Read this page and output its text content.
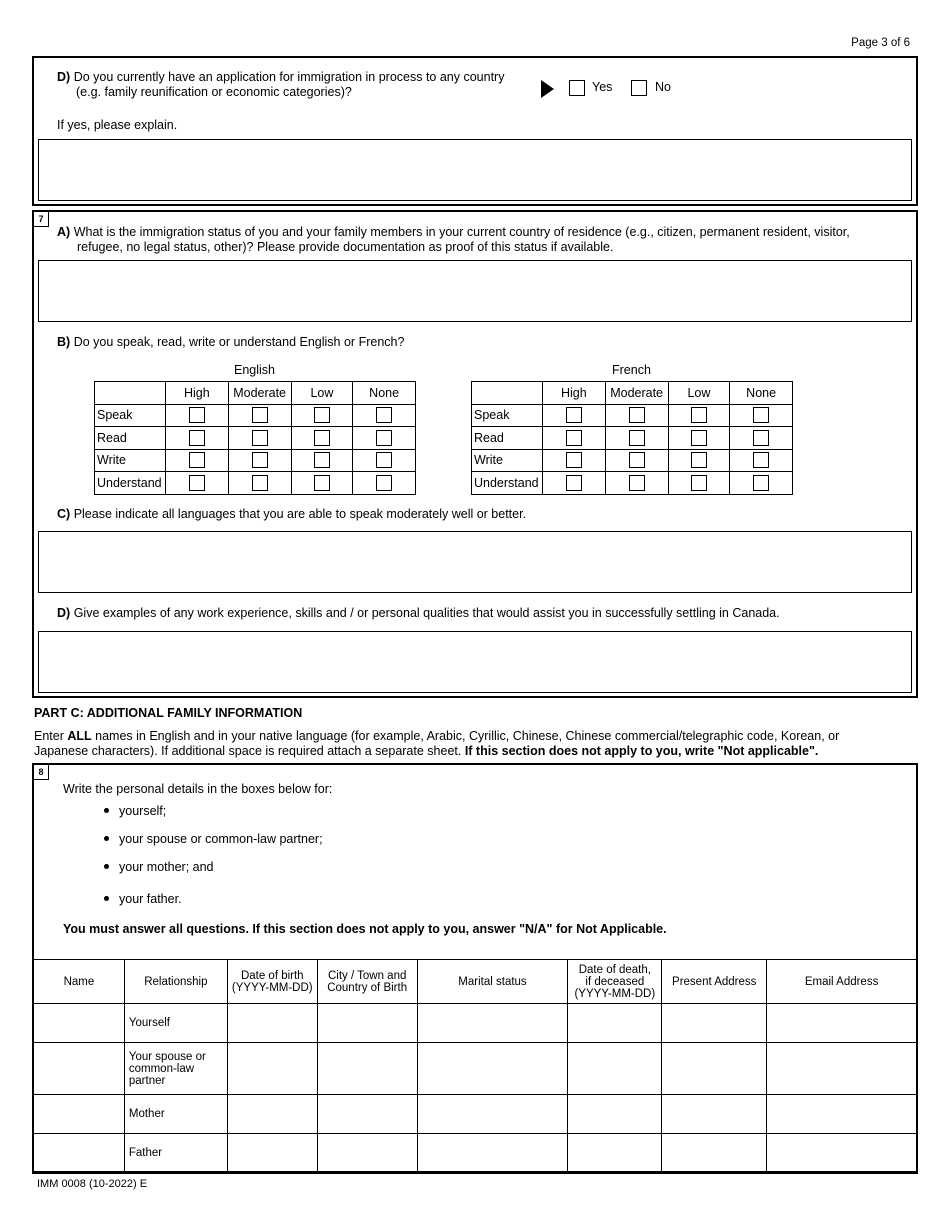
Page 3 of 6
D) Do you currently have an application for immigration in process to any country
(e.g. family reunification or economic categories)?	Yes	No
If yes, please explain.
7
A) What is the immigration status of you and your family members in your current country of residence (e.g., citizen, permanent resident, visitor,
refugee, no legal status, other)? Please provide documentation as proof of this status if available.
B) Do you speak, read, write or understand English or French?
English	French
	High	Moderate	Low	None
Speak	

Read	

Write	

Understand	

	High	Moderate	Low	None
Speak	

Read	

Write	

Understand	

C) Please indicate all languages that you are able to speak moderately well or better.
D) Give examples of any work experience, skills and / or personal qualities that would assist you in successfully settling in Canada.
PART C: ADDITIONAL FAMILY INFORMATION
Enter ALL names in English and in your native language (for example, Arabic, Cyrillic, Chinese, Chinese commercial/telegraphic code, Korean, or
Japanese characters). If additional space is required attach a separate sheet. If this section does not apply to you, write "Not applicable".
8
Write the personal details in the boxes below for:
yourself;
your spouse or common-law partner;
your mother; and
your father.
You must answer all questions. If this section does not apply to you, answer "N/A" for Not Applicable.
Name	Relationship	Date of birth (YYYY-MM-DD)	City / Town and Country of Birth	Marital status	Date of death, if deceased (YYYY-MM-DD)	Present Address	Email Address
	Yourself						
	Your spouse or common-law partner						
	Mother						
	Father						
IMM 0008 (10-2022) E
